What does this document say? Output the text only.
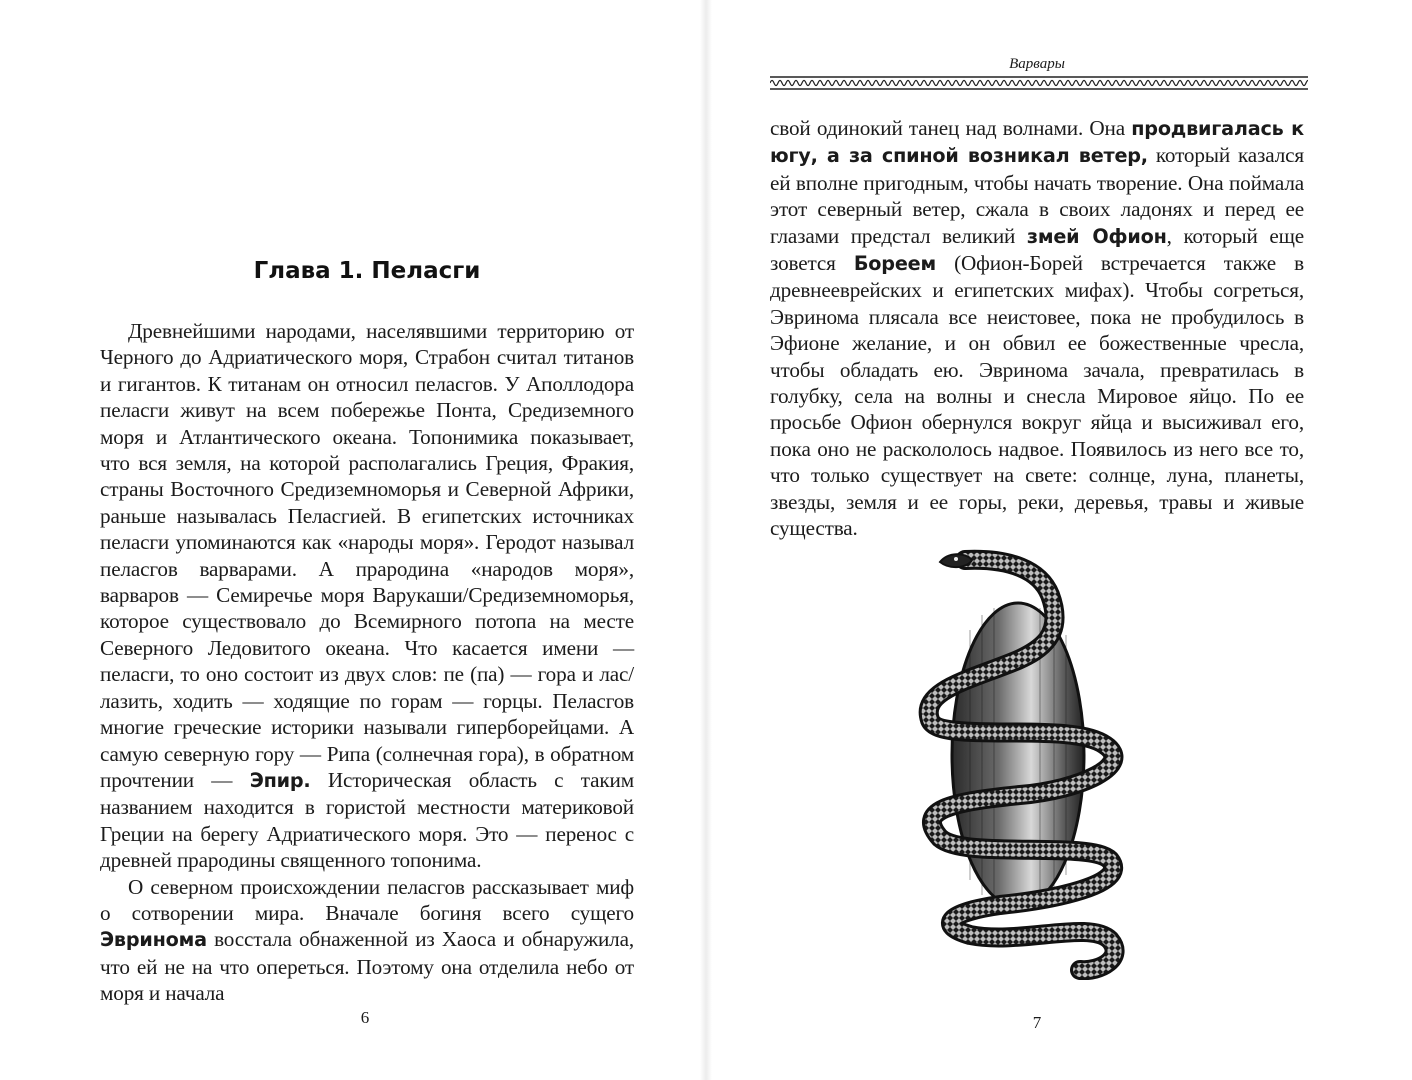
Глава 1. Пеласги

Древнейшими народами, населявшими территорию от Черного до Адриатического моря, Страбон считал титанов и гигантов. К титанам он относил пеласгов. У Аполлодора пеласги живут на всем побережье Понта, Средиземного моря и Атлантического океана. Топонимика показывает, что вся земля, на которой располагались Греция, Фракия, страны Восточного Средиземноморья и Северной Африки, раньше называлась Пеласгией. В египетских источниках пеласги упоминаются как «народы моря». Геродот называл пеласгов варварами. А прародина «народов моря», варваров — Семиречье моря Варукаши/Средиземноморья, которое существовало до Всемирного потопа на месте Северного Ледовитого океана. Что касается имени — пеласги, то оно состоит из двух слов: пе (па) — гора и лас/лазить, ходить — ходящие по горам — горцы. Пеласгов многие греческие историки называли гиперборейцами. А самую северную гору — Рипа (солнечная гора), в обратном прочтении — Эпир. Историческая область с таким названием находится в гористой местности материковой Греции на берегу Адриатического моря. Это — перенос с древней прародины священного топонима.

О северном происхождении пеласгов рассказывает миф о сотворении мира. Вначале богиня всего сущего Эвринома восстала обнаженной из Хаоса и обнаружила, что ей не на что опереться. Поэтому она отделила небо от моря и начала

6
Варвары

свой одинокий танец над волнами. Она продвигалась к югу, а за спиной возникал ветер, который казался ей вполне пригодным, чтобы начать творение. Она поймала этот северный ветер, сжала в своих ладонях и перед ее глазами предстал великий змей Офион, который еще зовется Бореем (Офион-Борей встречается также в древнееврейских и египетских мифах). Чтобы согреться, Эвринома плясала все неистовее, пока не пробудилось в Эфионе желание, и он обвил ее божественные чресла, чтобы обладать ею. Эвринома зачала, превратилась в голубку, села на волны и снесла Мировое яйцо. По ее просьбе Офион обернулся вокруг яйца и высиживал его, пока оно не раскололось надвое. Появилось из него все то, что только существует на свете: солнце, луна, планеты, звезды, земля и ее горы, реки, деревья, травы и живые существа.

7
